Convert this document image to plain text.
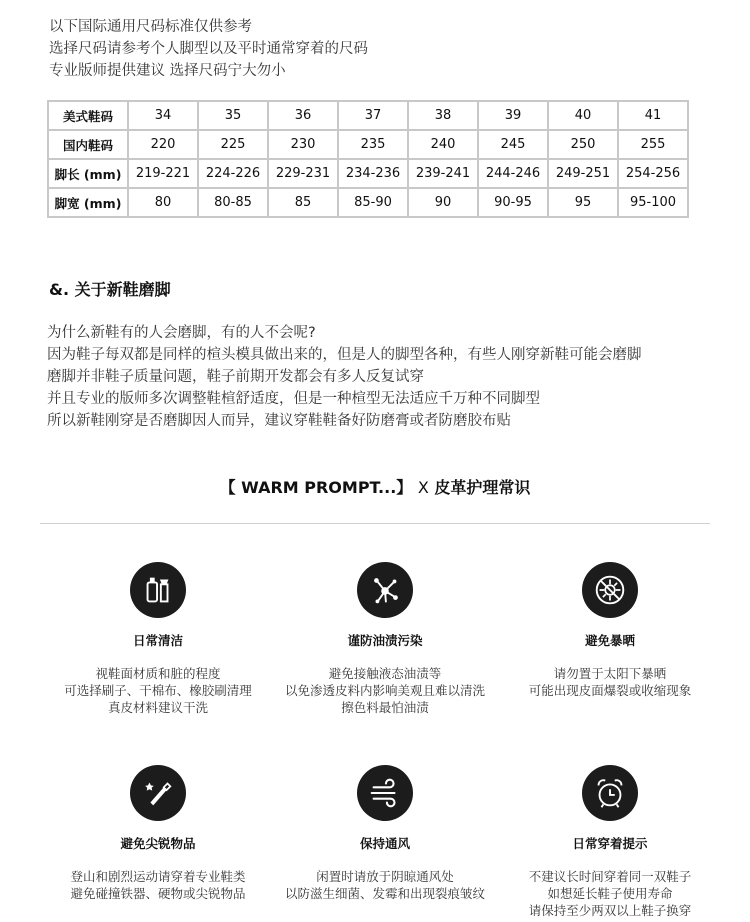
以下国际通用尺码标准仅供参考
选择尺码请参考个人脚型以及平时通常穿着的尺码
专业版师提供建议 选择尺码宁大勿小
美式鞋码	34	35	36	37	38	39	40	41
国内鞋码	220	225	230	235	240	245	250	255
脚长 (mm)	219-221	224-226	229-231	234-236	239-241	244-246	249-251	254-256
脚宽 (mm)	80	80-85	85	85-90	90	90-95	95	95-100
&. 关于新鞋磨脚
为什么新鞋有的人会磨脚，有的人不会呢?
因为鞋子每双都是同样的楦头模具做出来的，但是人的脚型各种，有些人刚穿新鞋可能会磨脚
磨脚并非鞋子质量问题，鞋子前期开发都会有多人反复试穿
并且专业的版师多次调整鞋楦舒适度，但是一种楦型无法适应千万种不同脚型
所以新鞋刚穿是否磨脚因人而异，建议穿鞋鞋备好防磨膏或者防磨胶布贴
【 WARM PROMPT...】 X 皮革护理常识
日常清洁
视鞋面材质和脏的程度
可选择刷子、干棉布、橡胶刷清理
真皮材料建议干洗
谨防油渍污染
避免接触液态油渍等
以免渗透皮料内影响美观且难以清洗
擦色料最怕油渍
避免暴晒
请勿置于太阳下暴晒
可能出现皮面爆裂或收缩现象
避免尖锐物品
登山和剧烈运动请穿着专业鞋类
避免碰撞铁器、硬物或尖锐物品
保持通风
闲置时请放于阴晾通风处
以防滋生细菌、发霉和出现裂痕皱纹
日常穿着提示
不建议长时间穿着同一双鞋子
如想延长鞋子使用寿命
请保持至少两双以上鞋子换穿
